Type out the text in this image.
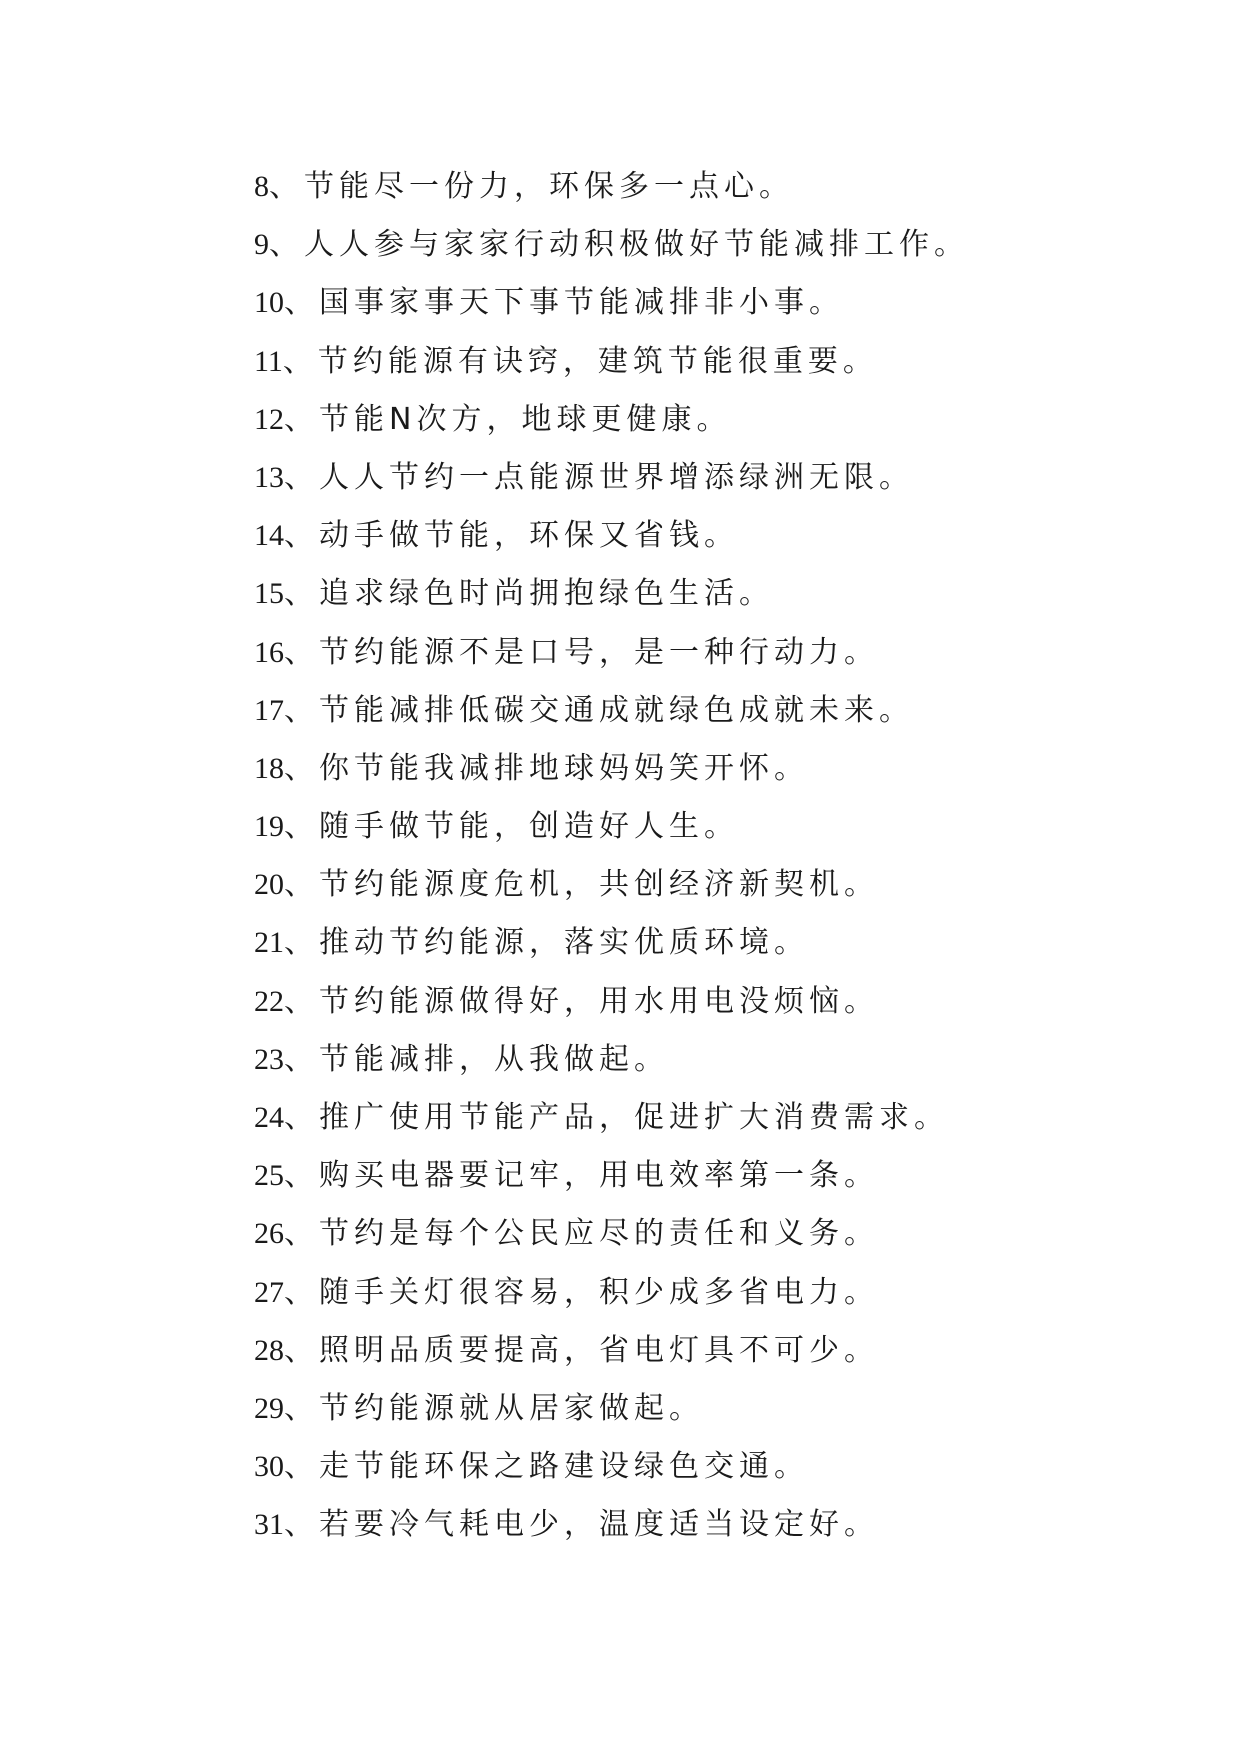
8、节能尽一份力，环保多一点心。
9、人人参与家家行动积极做好节能减排工作。
10、国事家事天下事节能减排非小事。
11、节约能源有诀窍，建筑节能很重要。
12、节能N次方，地球更健康。
13、人人节约一点能源世界增添绿洲无限。
14、动手做节能，环保又省钱。
15、追求绿色时尚拥抱绿色生活。
16、节约能源不是口号，是一种行动力。
17、节能减排低碳交通成就绿色成就未来。
18、你节能我减排地球妈妈笑开怀。
19、随手做节能，创造好人生。
20、节约能源度危机，共创经济新契机。
21、推动节约能源，落实优质环境。
22、节约能源做得好，用水用电没烦恼。
23、节能减排，从我做起。
24、推广使用节能产品，促进扩大消费需求。
25、购买电器要记牢，用电效率第一条。
26、节约是每个公民应尽的责任和义务。
27、随手关灯很容易，积少成多省电力。
28、照明品质要提高，省电灯具不可少。
29、节约能源就从居家做起。
30、走节能环保之路建设绿色交通。
31、若要冷气耗电少，温度适当设定好。
